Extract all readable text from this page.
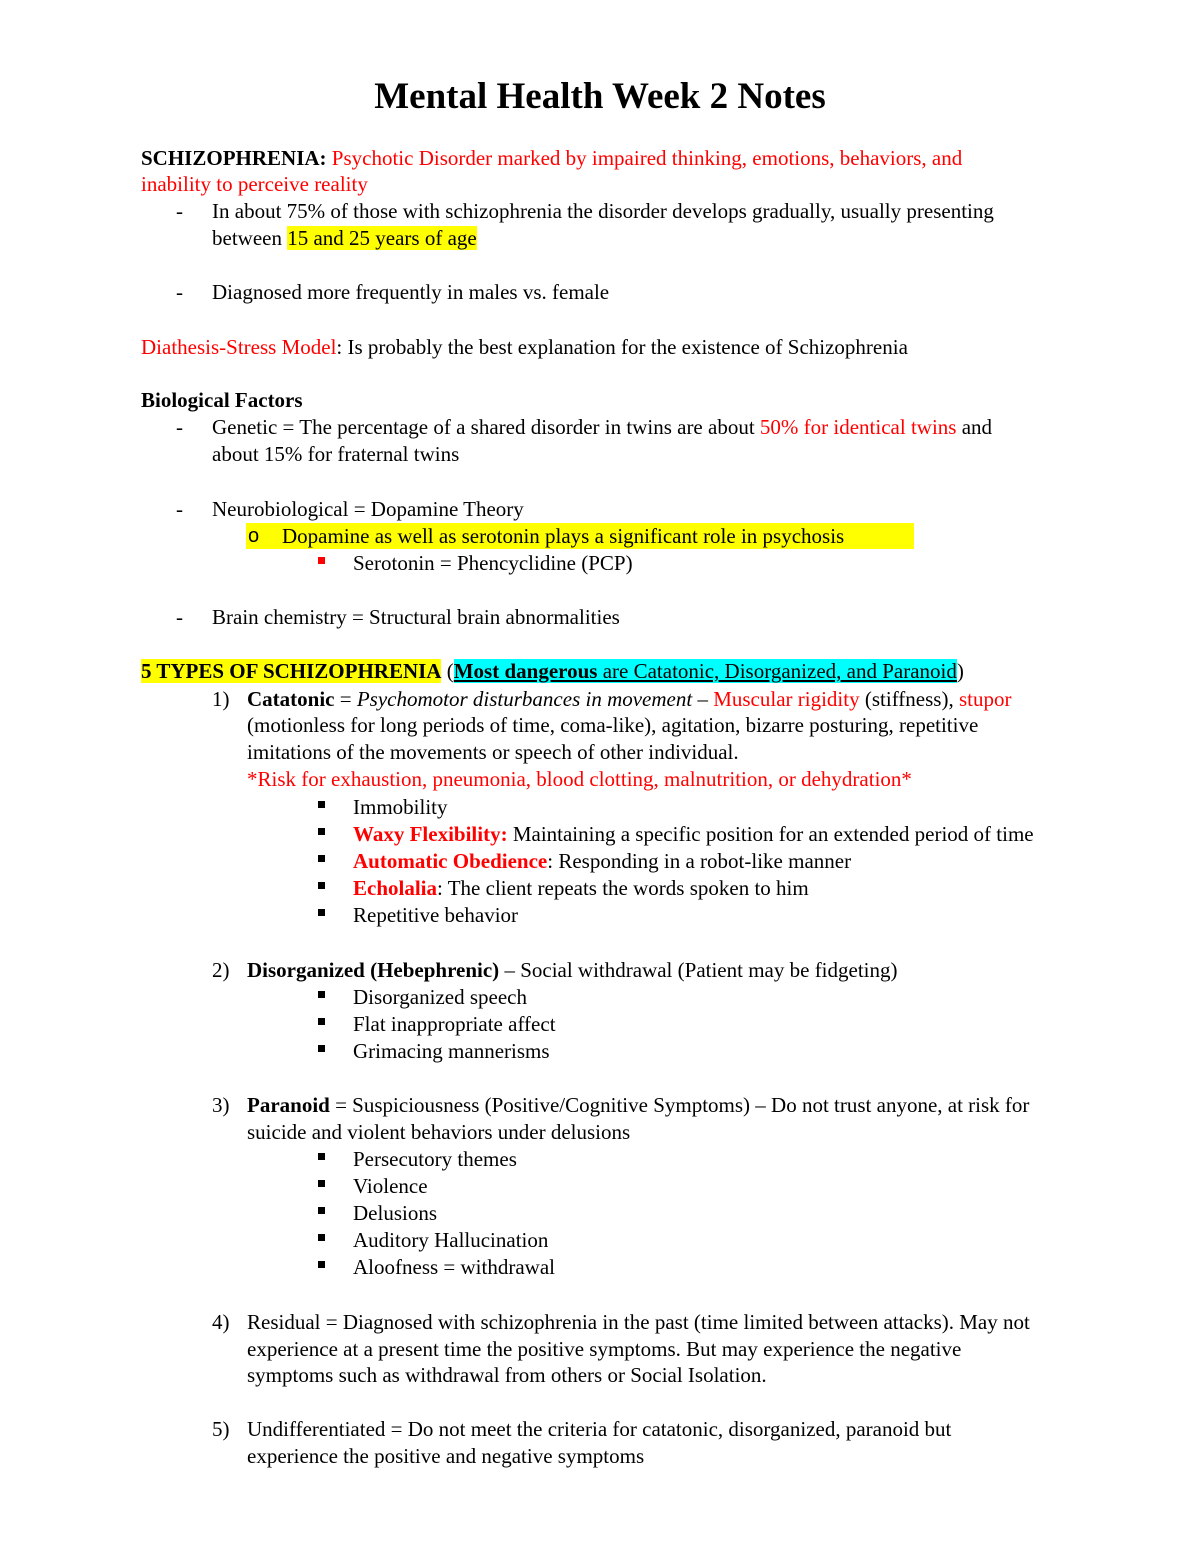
Mental Health Week 2 Notes
SCHIZOPHRENIA: Psychotic Disorder marked by impaired thinking, emotions, behaviors, and
inability to perceive reality
- In about 75% of those with schizophrenia the disorder develops gradually, usually presenting
between 15 and 25 years of age
- Diagnosed more frequently in males vs. female
Diathesis-Stress Model: Is probably the best explanation for the existence of Schizophrenia
Biological Factors
- Genetic = The percentage of a shared disorder in twins are about 50% for identical twins and
about 15% for fraternal twins
- Neurobiological = Dopamine Theory
o Dopamine as well as serotonin plays a significant role in psychosis
Serotonin = Phencyclidine (PCP)
- Brain chemistry = Structural brain abnormalities
5 TYPES OF SCHIZOPHRENIA (Most dangerous are Catatonic, Disorganized, and Paranoid)
1) Catatonic = Psychomotor disturbances in movement – Muscular rigidity (stiffness), stupor
(motionless for long periods of time, coma-like), agitation, bizarre posturing, repetitive
imitations of the movements or speech of other individual.
*Risk for exhaustion, pneumonia, blood clotting, malnutrition, or dehydration*
Immobility
Waxy Flexibility: Maintaining a specific position for an extended period of time
Automatic Obedience: Responding in a robot-like manner
Echolalia: The client repeats the words spoken to him
Repetitive behavior
2) Disorganized (Hebephrenic) – Social withdrawal (Patient may be fidgeting)
Disorganized speech
Flat inappropriate affect
Grimacing mannerisms
3) Paranoid = Suspiciousness (Positive/Cognitive Symptoms) – Do not trust anyone, at risk for
suicide and violent behaviors under delusions
Persecutory themes
Violence
Delusions
Auditory Hallucination
Aloofness = withdrawal
4) Residual = Diagnosed with schizophrenia in the past (time limited between attacks). May not
experience at a present time the positive symptoms. But may experience the negative
symptoms such as withdrawal from others or Social Isolation.
5) Undifferentiated = Do not meet the criteria for catatonic, disorganized, paranoid but
experience the positive and negative symptoms
